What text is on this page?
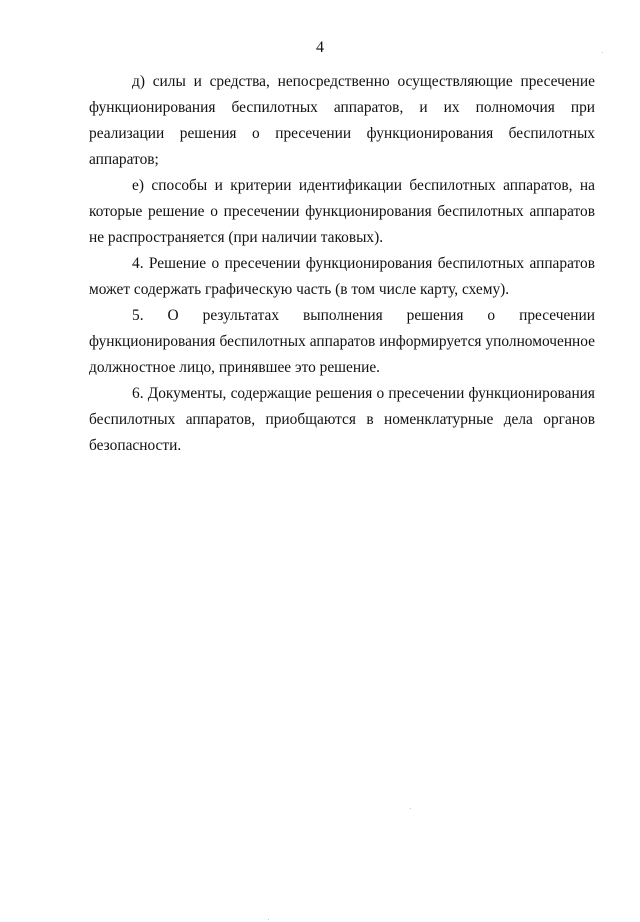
4

д) силы и средства, непосредственно осуществляющие пресечение функционирования беспилотных аппаратов, и их полномочия при реализации решения о пресечении функционирования беспилотных аппаратов;

е) способы и критерии идентификации беспилотных аппаратов, на которые решение о пресечении функционирования беспилотных аппаратов не распространяется (при наличии таковых).

4. Решение о пресечении функционирования беспилотных аппаратов может содержать графическую часть (в том числе карту, схему).

5. О результатах выполнения решения о пресечении функционирования беспилотных аппаратов информируется уполномоченное должностное лицо, принявшее это решение.

6. Документы, содержащие решения о пресечении функционирования беспилотных аппаратов, приобщаются в номенклатурные дела органов безопасности.
